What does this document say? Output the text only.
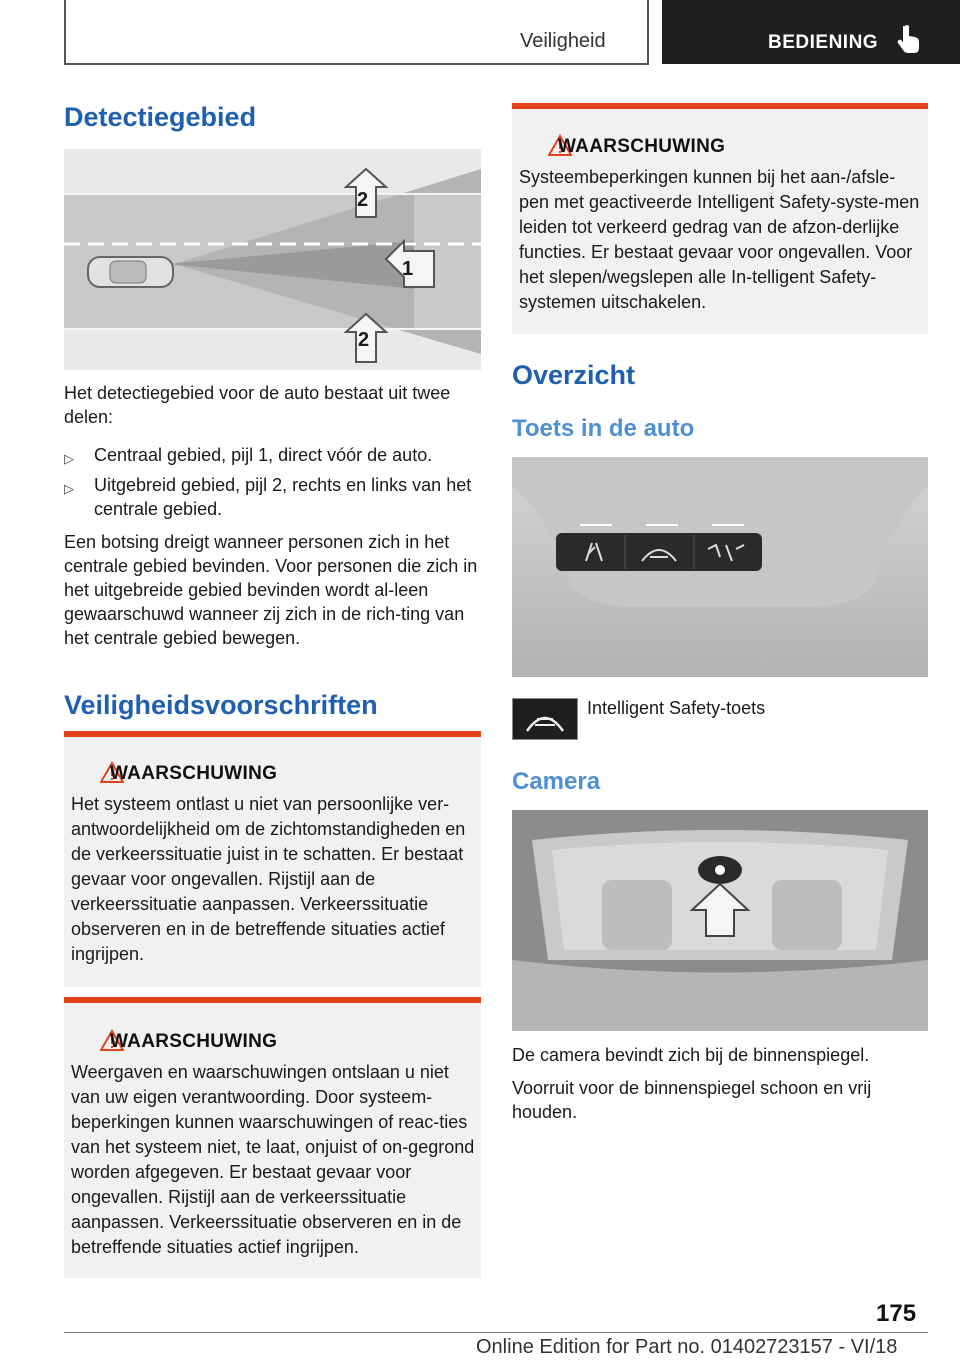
Veiligheid	BEDIENING
Detectiegebied
2
1
2
Het detectiegebied voor de auto bestaat uit twee delen:
▷ Centraal gebied, pijl 1, direct vóór de auto.
▷ Uitgebreid gebied, pijl 2, rechts en links van het centrale gebied.
Een botsing dreigt wanneer personen zich in het centrale gebied bevinden. Voor personen die zich in het uitgebreide gebied bevinden wordt al-leen gewaarschuwd wanneer zij zich in de rich-ting van het centrale gebied bewegen.
Veiligheidsvoorschriften
WAARSCHUWING
Het systeem ontlast u niet van persoonlijke ver-antwoordelijkheid om de zichtomstandigheden en de verkeerssituatie juist in te schatten. Er bestaat gevaar voor ongevallen. Rijstijl aan de verkeerssituatie aanpassen. Verkeerssituatie observeren en in de betreffende situaties actief ingrijpen.
WAARSCHUWING
Weergaven en waarschuwingen ontslaan u niet van uw eigen verantwoording. Door systeem-beperkingen kunnen waarschuwingen of reac-ties van het systeem niet, te laat, onjuist of on-gegrond worden afgegeven. Er bestaat gevaar voor ongevallen. Rijstijl aan de verkeerssituatie aanpassen. Verkeerssituatie observeren en in de betreffende situaties actief ingrijpen.
WAARSCHUWING
Systeembeperkingen kunnen bij het aan-/afsle-pen met geactiveerde Intelligent Safety-syste-men leiden tot verkeerd gedrag van de afzon-derlijke functies. Er bestaat gevaar voor ongevallen. Voor het slepen/wegslepen alle In-telligent Safety-systemen uitschakelen.
Overzicht
Toets in de auto
Intelligent Safety-toets
Camera
De camera bevindt zich bij de binnenspiegel.
Voorruit voor de binnenspiegel schoon en vrij houden.
175
Online Edition for Part no. 01402723157 - VI/18
